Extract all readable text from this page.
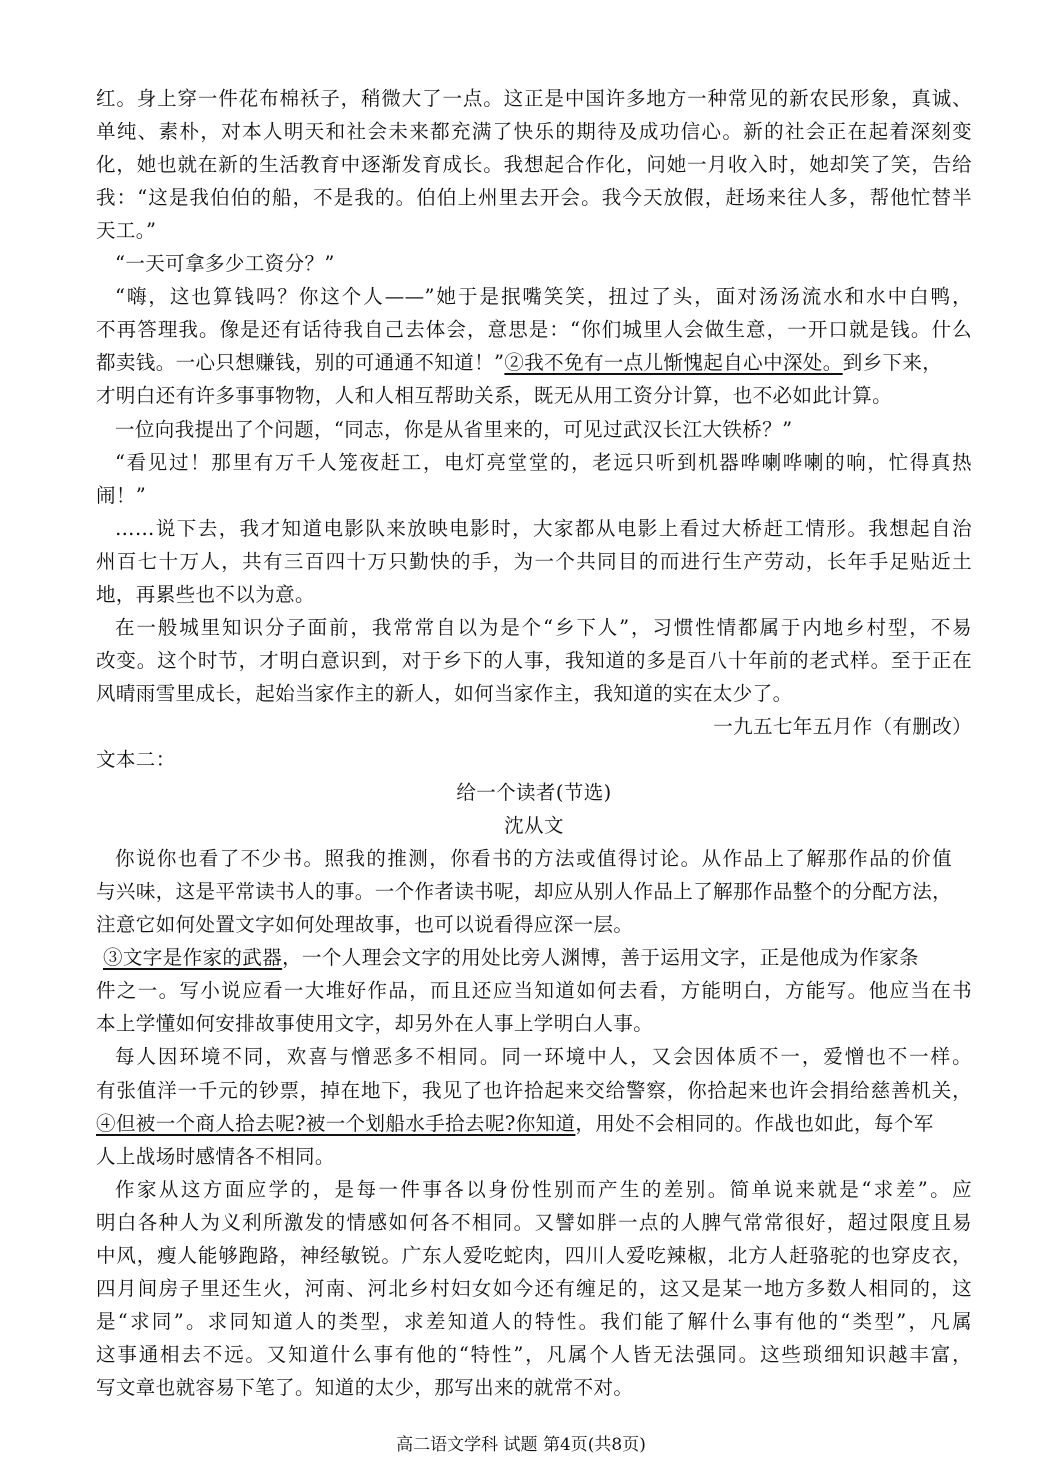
红。身上穿一件花布棉袄子，稍微大了一点。这正是中国许多地方一种常见的新农民形象，真诚、
单纯、素朴，对本人明天和社会未来都充满了快乐的期待及成功信心。新的社会正在起着深刻变
化，她也就在新的生活教育中逐渐发育成长。我想起合作化，问她一月收入时，她却笑了笑，告给
我：“这是我伯伯的船，不是我的。伯伯上州里去开会。我今天放假，赶场来往人多，帮他忙替半
天工。”
“一天可拿多少工资分？”
“嗨，这也算钱吗？你这个人——”她于是抿嘴笑笑，扭过了头，面对汤汤流水和水中白鸭，
不再答理我。像是还有话待我自己去体会，意思是：“你们城里人会做生意，一开口就是钱。什么
都卖钱。一心只想赚钱，别的可通通不知道！”②我不免有一点儿惭愧起自心中深处。到乡下来，
才明白还有许多事事物物，人和人相互帮助关系，既无从用工资分计算，也不必如此计算。
一位向我提出了个问题，“同志，你是从省里来的，可见过武汉长江大铁桥？”
“看见过！那里有万千人笼夜赶工，电灯亮堂堂的，老远只听到机器哗喇哗喇的响，忙得真热
闹！”
……说下去，我才知道电影队来放映电影时，大家都从电影上看过大桥赶工情形。我想起自治
州百七十万人，共有三百四十万只勤快的手，为一个共同目的而进行生产劳动，长年手足贴近土
地，再累些也不以为意。
在一般城里知识分子面前，我常常自以为是个“乡下人”，习惯性情都属于内地乡村型，不易
改变。这个时节，才明白意识到，对于乡下的人事，我知道的多是百八十年前的老式样。至于正在
风晴雨雪里成长，起始当家作主的新人，如何当家作主，我知道的实在太少了。
一九五七年五月作（有删改）
文本二：
给一个读者(节选)
沈从文
你说你也看了不少书。照我的推测，你看书的方法或值得讨论。从作品上了解那作品的价值
与兴味，这是平常读书人的事。一个作者读书呢，却应从别人作品上了解那作品整个的分配方法，
注意它如何处置文字如何处理故事，也可以说看得应深一层。
③文字是作家的武器，一个人理会文字的用处比旁人渊博，善于运用文字，正是他成为作家条
件之一。写小说应看一大堆好作品，而且还应当知道如何去看，方能明白，方能写。他应当在书
本上学懂如何安排故事使用文字，却另外在人事上学明白人事。
每人因环境不同，欢喜与憎恶多不相同。同一环境中人，又会因体质不一，爱憎也不一样。
有张值洋一千元的钞票，掉在地下，我见了也许拾起来交给警察，你拾起来也许会捐给慈善机关，
④但被一个商人拾去呢?被一个划船水手拾去呢?你知道，用处不会相同的。作战也如此，每个军
人上战场时感情各不相同。
作家从这方面应学的，是每一件事各以身份性别而产生的差别。简单说来就是“求差”。应
明白各种人为义利所激发的情感如何各不相同。又譬如胖一点的人脾气常常很好，超过限度且易
中风，瘦人能够跑路，神经敏锐。广东人爱吃蛇肉，四川人爱吃辣椒，北方人赶骆驼的也穿皮衣，
四月间房子里还生火，河南、河北乡村妇女如今还有缠足的，这又是某一地方多数人相同的，这
是“求同”。求同知道人的类型，求差知道人的特性。我们能了解什么事有他的“类型”，凡属
这事通相去不远。又知道什么事有他的“特性”，凡属个人皆无法强同。这些琐细知识越丰富，
写文章也就容易下笔了。知道的太少，那写出来的就常不对。
高二语文学科 试题 第4页(共8页)
